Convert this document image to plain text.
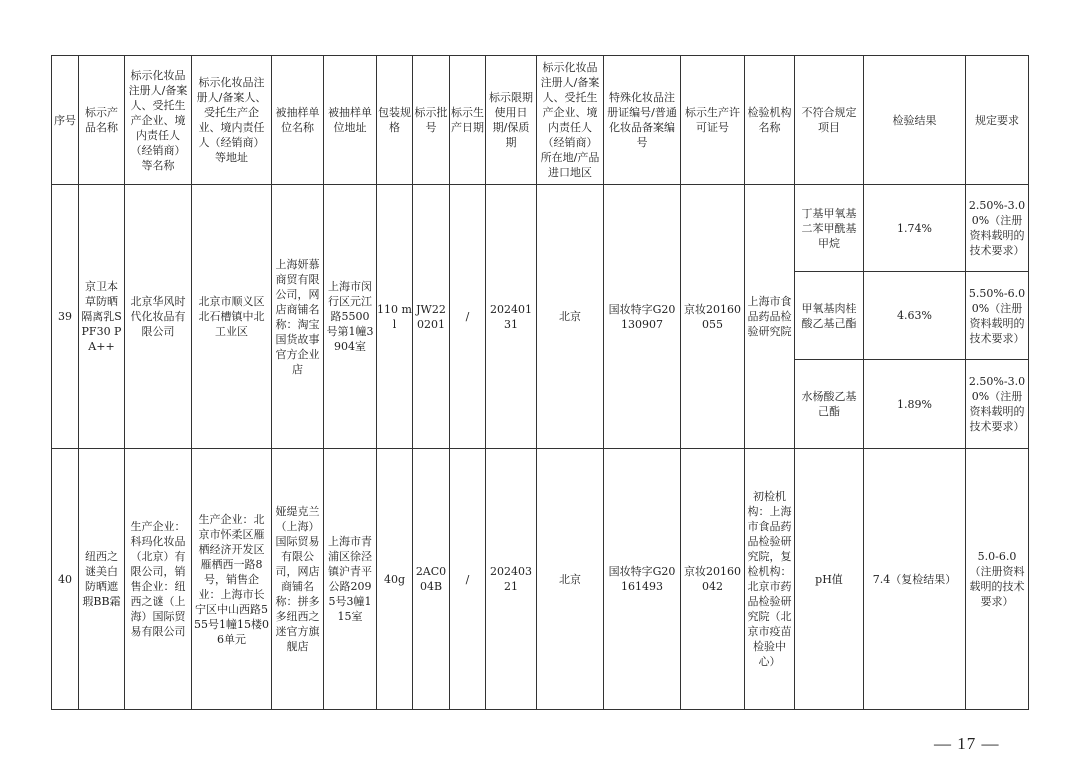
序号	标示产品名称	标示化妆品注册人/备案人、受托生产企业、境内责任人（经销商）等名称	标示化妆品注册人/备案人、受托生产企业、境内责任人（经销商）等地址	被抽样单位名称	被抽样单位地址	包装规格	标示批号	标示生产日期	标示限期使用日期/保质期	标示化妆品注册人/备案人、受托生产企业、境内责任人（经销商）所在地/产品进口地区	特殊化妆品注册证编号/普通化妆品备案编号	标示生产许可证号	检验机构名称	不符合规定项目	检验结果	规定要求
39	京卫本草防晒隔离乳SPF30 PA++	北京华风时代化妆品有限公司	北京市顺义区北石槽镇中北工业区	上海妍慕商贸有限公司，网店商铺名称：淘宝国货故事官方企业店	上海市闵行区元江路5500号第1幢3904室	110 ml	JW220201	/	20240131	北京	国妆特字G20130907	京妆20160055	上海市食品药品检验研究院	丁基甲氧基二苯甲酰基甲烷	1.74%	2.50%-3.00%（注册资料载明的技术要求）
														甲氧基肉桂酸乙基己酯	4.63%	5.50%-6.00%（注册资料载明的技术要求）
														水杨酸乙基己酯	1.89%	2.50%-3.00%（注册资料载明的技术要求）
40	纽西之谜美白防晒遮瑕BB霜	生产企业：科玛化妆品（北京）有限公司，销售企业：纽西之谜（上海）国际贸易有限公司	生产企业：北京市怀柔区雁栖经济开发区雁栖西一路8号，销售企业：上海市长宁区中山西路555号1幢15楼06单元	娅缇克兰（上海）国际贸易有限公司，网店商铺名称：拼多多纽西之迷官方旗舰店	上海市青浦区徐泾镇沪青平公路2095号3幢115室	40g	2AC004B	/	20240321	北京	国妆特字G20161493	京妆20160042	初检机构：上海市食品药品检验研究院，复检机构：北京市药品检验研究院（北京市疫苗检验中心）	pH值	7.4（复检结果）	5.0-6.0（注册资料载明的技术要求）
— 17 —
